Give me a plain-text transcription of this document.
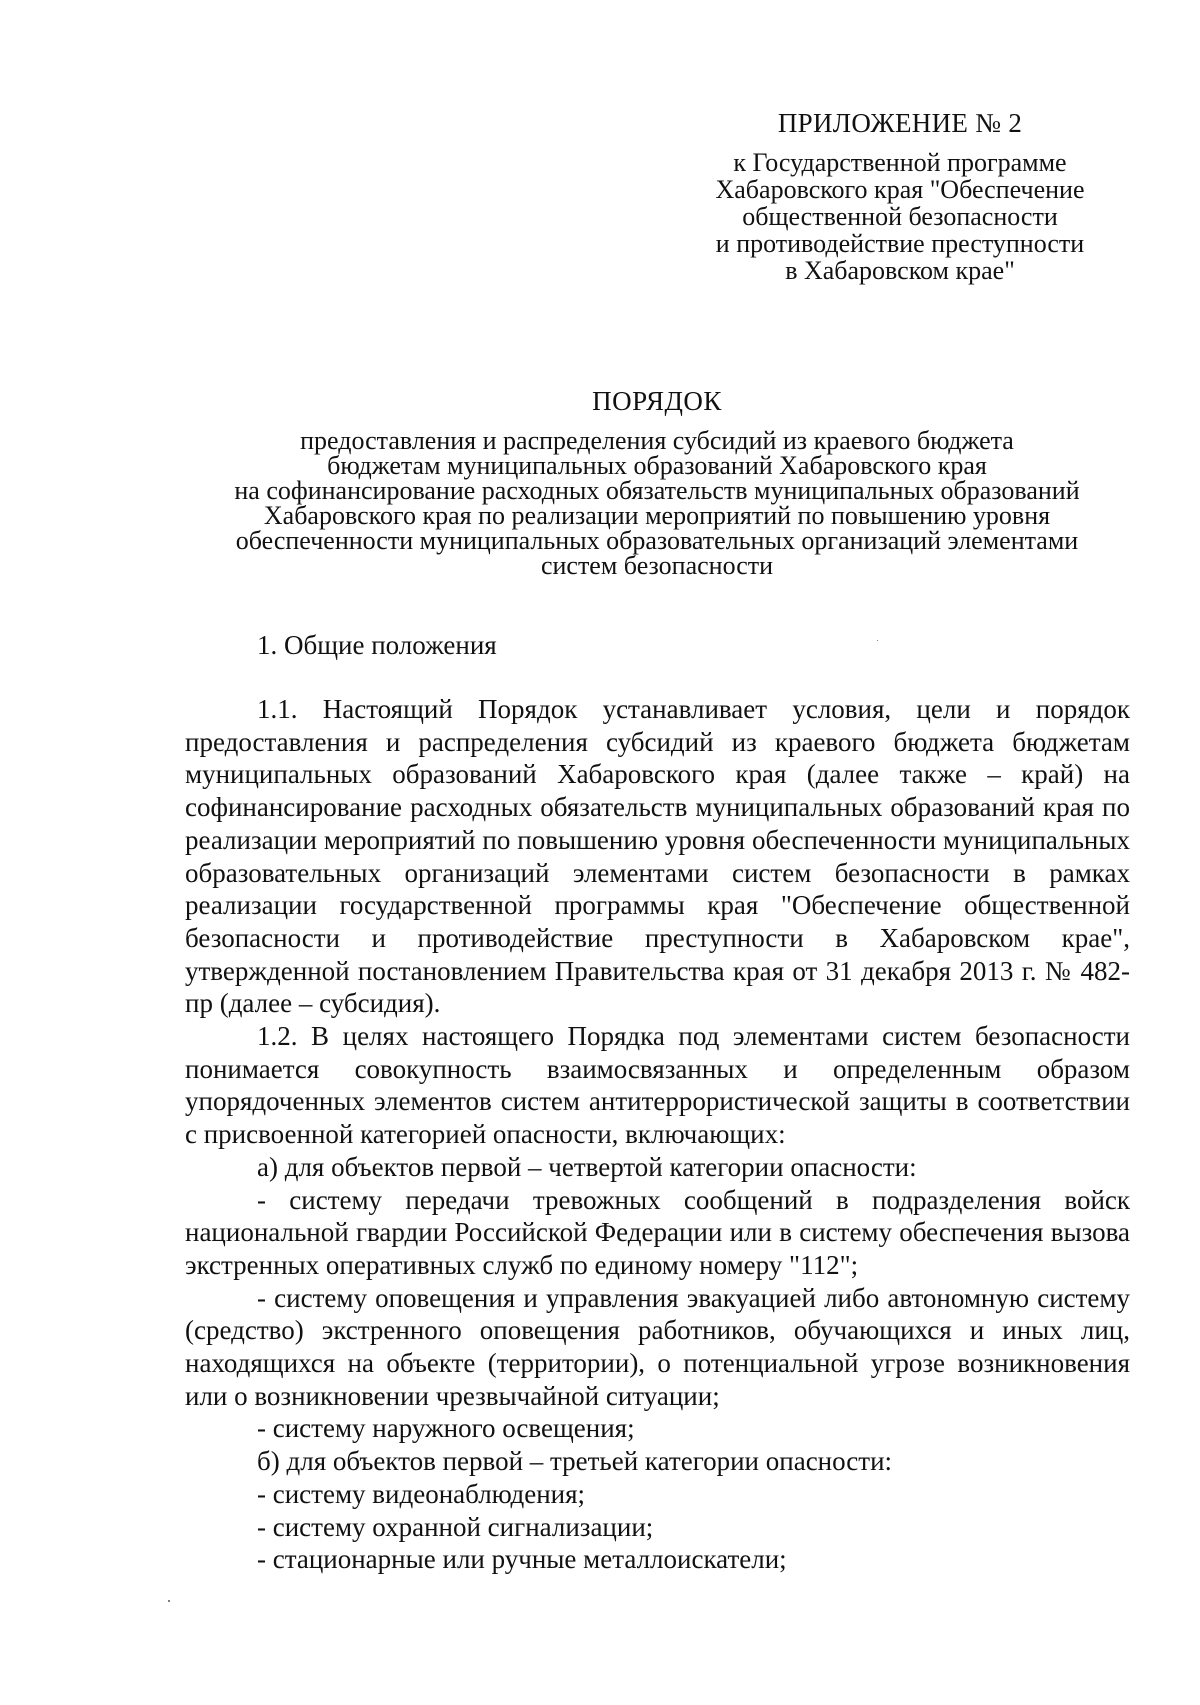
ПРИЛОЖЕНИЕ № 2
к Государственной программе
Хабаровского края "Обеспечение
общественной безопасности
и противодействие преступности
в Хабаровском крае"
ПОРЯДОК
предоставления и распределения субсидий из краевого бюджета
бюджетам муниципальных образований Хабаровского края
на софинансирование расходных обязательств муниципальных образований
Хабаровского края по реализации мероприятий по повышению уровня
обеспеченности муниципальных образовательных организаций элементами
систем безопасности
1. Общие положения

1.1. Настоящий Порядок устанавливает условия, цели и порядок предоставления и распределения субсидий из краевого бюджета бюджетам муниципальных образований Хабаровского края (далее также – край) на софинансирование расходных обязательств муниципальных образований края по реализации мероприятий по повышению уровня обеспеченности муниципальных образовательных организаций элементами систем безопасности в рамках реализации государственной программы края "Обеспечение общественной безопасности и противодействие преступности в Хабаровском крае", утвержденной постановлением Правительства края от 31 декабря 2013 г. № 482-пр (далее – субсидия).

1.2. В целях настоящего Порядка под элементами систем безопасности понимается совокупность взаимосвязанных и определенным образом упорядоченных элементов систем антитеррористической защиты в соответствии с присвоенной категорией опасности, включающих:

а) для объектов первой – четвертой категории опасности:

- систему передачи тревожных сообщений в подразделения войск национальной гвардии Российской Федерации или в систему обеспечения вызова экстренных оперативных служб по единому номеру "112";

- систему оповещения и управления эвакуацией либо автономную систему (средство) экстренного оповещения работников, обучающихся и иных лиц, находящихся на объекте (территории), о потенциальной угрозе возникновения или о возникновении чрезвычайной ситуации;

- систему наружного освещения;

б) для объектов первой – третьей категории опасности:

- систему видеонаблюдения;

- систему охранной сигнализации;

- стационарные или ручные металлоискатели;
